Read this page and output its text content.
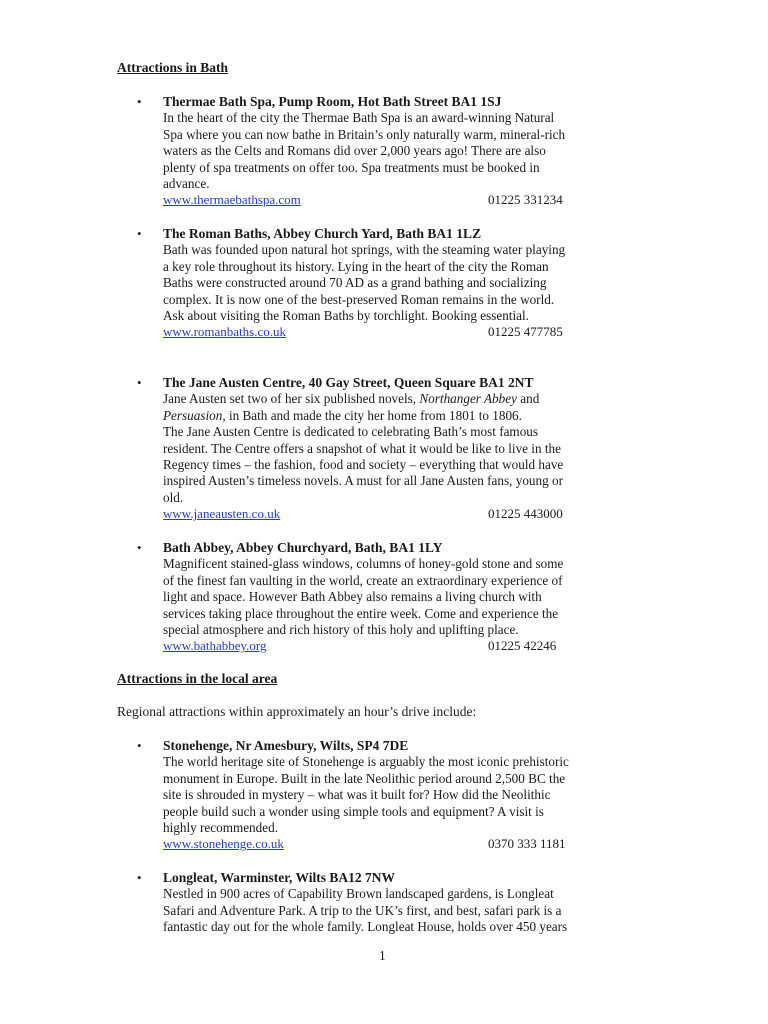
Attractions in Bath
• Thermae Bath Spa, Pump Room, Hot Bath Street BA1 1SJ
In the heart of the city the Thermae Bath Spa is an award-winning Natural
Spa where you can now bathe in Britain’s only naturally warm, mineral-rich
waters as the Celts and Romans did over 2,000 years ago! There are also
plenty of spa treatments on offer too. Spa treatments must be booked in
advance.
www.thermaebathspa.com	01225 331234
• The Roman Baths, Abbey Church Yard, Bath BA1 1LZ
Bath was founded upon natural hot springs, with the steaming water playing
a key role throughout its history. Lying in the heart of the city the Roman
Baths were constructed around 70 AD as a grand bathing and socializing
complex. It is now one of the best-preserved Roman remains in the world.
Ask about visiting the Roman Baths by torchlight. Booking essential.
www.romanbaths.co.uk	01225 477785
• The Jane Austen Centre, 40 Gay Street, Queen Square BA1 2NT
Jane Austen set two of her six published novels, Northanger Abbey and
Persuasion, in Bath and made the city her home from 1801 to 1806.
The Jane Austen Centre is dedicated to celebrating Bath’s most famous
resident. The Centre offers a snapshot of what it would be like to live in the
Regency times – the fashion, food and society – everything that would have
inspired Austen’s timeless novels. A must for all Jane Austen fans, young or
old.
www.janeausten.co.uk	01225 443000
• Bath Abbey, Abbey Churchyard, Bath, BA1 1LY
Magnificent stained-glass windows, columns of honey-gold stone and some
of the finest fan vaulting in the world, create an extraordinary experience of
light and space. However Bath Abbey also remains a living church with
services taking place throughout the entire week. Come and experience the
special atmosphere and rich history of this holy and uplifting place.
www.bathabbey.org	01225 42246
Attractions in the local area
Regional attractions within approximately an hour’s drive include:
• Stonehenge, Nr Amesbury, Wilts, SP4 7DE
The world heritage site of Stonehenge is arguably the most iconic prehistoric
monument in Europe. Built in the late Neolithic period around 2,500 BC the
site is shrouded in mystery – what was it built for? How did the Neolithic
people build such a wonder using simple tools and equipment? A visit is
highly recommended.
www.stonehenge.co.uk	0370 333 1181
• Longleat, Warminster, Wilts BA12 7NW
Nestled in 900 acres of Capability Brown landscaped gardens, is Longleat
Safari and Adventure Park. A trip to the UK’s first, and best, safari park is a
fantastic day out for the whole family. Longleat House, holds over 450 years
1
